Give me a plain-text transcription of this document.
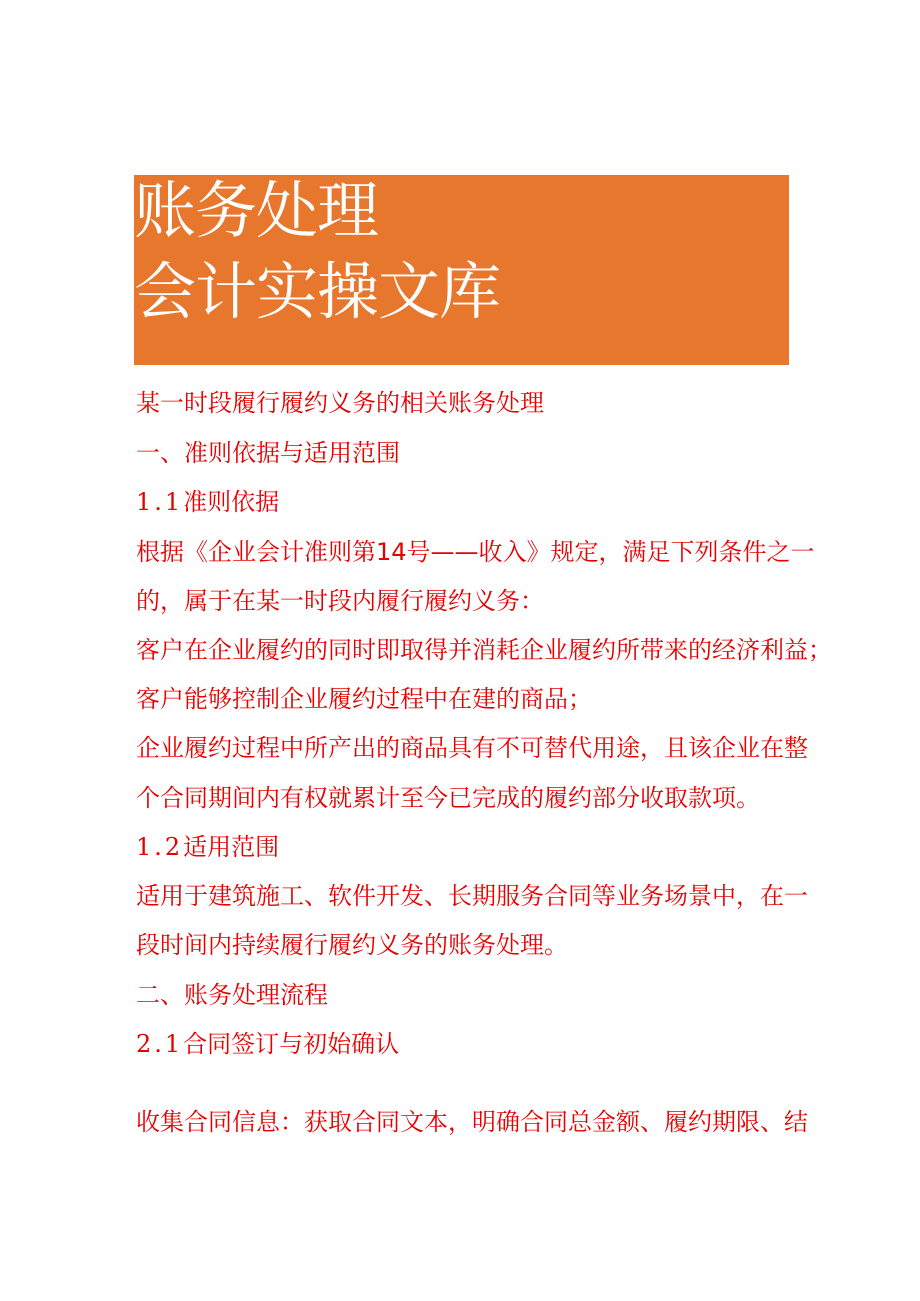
账务处理
会计实操文库
某一时段履行履约义务的相关账务处理
一、准则依据与适用范围
1.1准则依据
根据《企业会计准则第14号——收入》规定，满足下列条件之一
的，属于在某一时段内履行履约义务：
客户在企业履约的同时即取得并消耗企业履约所带来的经济利益；
客户能够控制企业履约过程中在建的商品；
企业履约过程中所产出的商品具有不可替代用途，且该企业在整
个合同期间内有权就累计至今已完成的履约部分收取款项。
1.2适用范围
适用于建筑施工、软件开发、长期服务合同等业务场景中，在一
段时间内持续履行履约义务的账务处理。
二、账务处理流程
2.1合同签订与初始确认
收集合同信息：获取合同文本，明确合同总金额、履约期限、结
